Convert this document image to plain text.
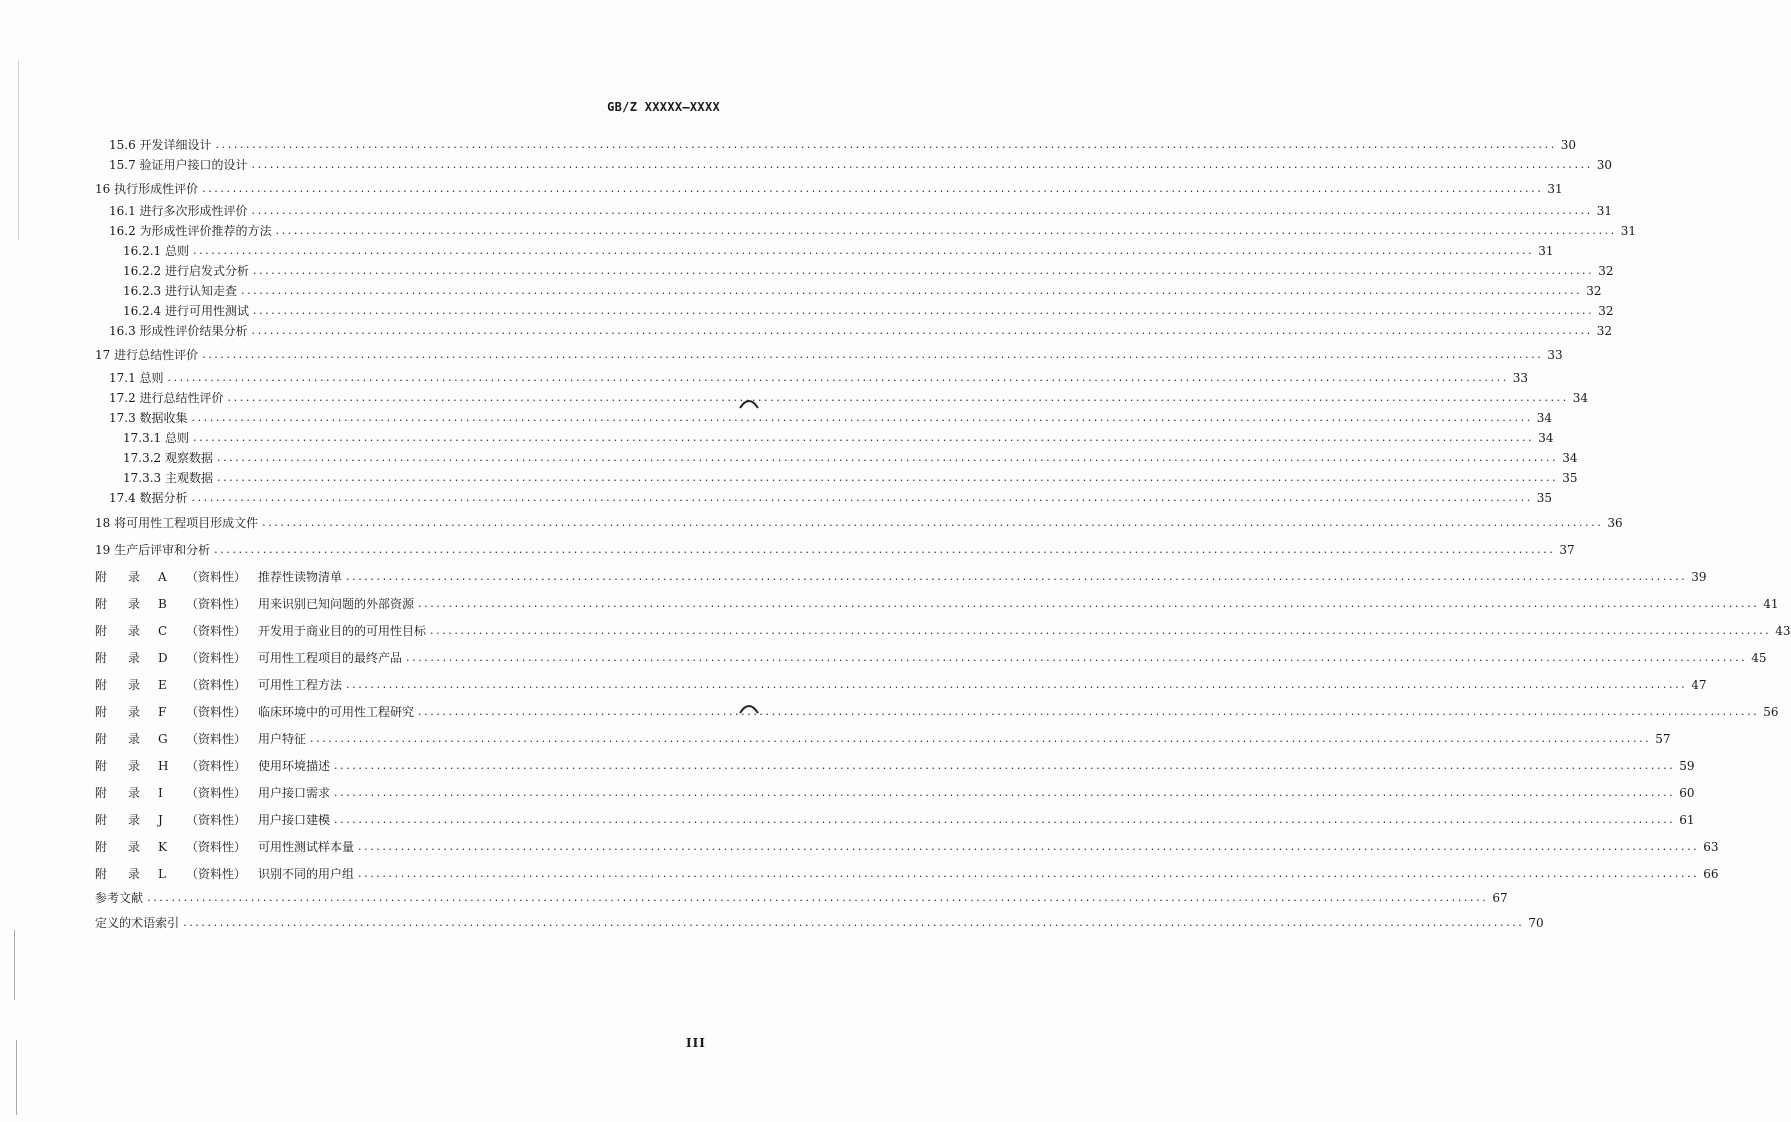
GB/Z XXXXX—XXXX
15.6 开发详细设计 ............................................................................................................................................................................................................................ 30
15.7 验证用户接口的设计 ............................................................................................................................................................................................................................ 30
16 执行形成性评价 ............................................................................................................................................................................................................................ 31
16.1 进行多次形成性评价 ............................................................................................................................................................................................................................ 31
16.2 为形成性评价推荐的方法 ............................................................................................................................................................................................................................ 31
16.2.1 总则 ............................................................................................................................................................................................................................ 31
16.2.2 进行启发式分析 ............................................................................................................................................................................................................................ 32
16.2.3 进行认知走查 ............................................................................................................................................................................................................................ 32
16.2.4 进行可用性测试 ............................................................................................................................................................................................................................ 32
16.3 形成性评价结果分析 ............................................................................................................................................................................................................................ 32
17 进行总结性评价 ............................................................................................................................................................................................................................ 33
17.1 总则 ............................................................................................................................................................................................................................ 33
17.2 进行总结性评价 ............................................................................................................................................................................................................................ 34
17.3 数据收集 ............................................................................................................................................................................................................................ 34
17.3.1 总则 ............................................................................................................................................................................................................................ 34
17.3.2 观察数据 ............................................................................................................................................................................................................................ 34
17.3.3 主观数据 ............................................................................................................................................................................................................................ 35
17.4 数据分析 ............................................................................................................................................................................................................................ 35
18 将可用性工程项目形成文件 ............................................................................................................................................................................................................................ 36
19 生产后评审和分析 ............................................................................................................................................................................................................................ 37
附	录	A	（资料性） 推荐性读物清单 ............................................................................................................................................................................................................................ 39
附	录	B	（资料性） 用来识别已知问题的外部资源 ............................................................................................................................................................................................................................ 41
附	录	C	（资料性） 开发用于商业目的的可用性目标 ............................................................................................................................................................................................................................ 43
附	录	D	（资料性） 可用性工程项目的最终产品 ............................................................................................................................................................................................................................ 45
附	录	E	（资料性） 可用性工程方法 ............................................................................................................................................................................................................................ 47
附	录	F	（资料性） 临床环境中的可用性工程研究 ............................................................................................................................................................................................................................ 56
附	录	G	（资料性） 用户特征 ............................................................................................................................................................................................................................ 57
附	录	H	（资料性） 使用环境描述 ............................................................................................................................................................................................................................ 59
附	录	I	（资料性） 用户接口需求 ............................................................................................................................................................................................................................ 60
附	录	J	（资料性） 用户接口建模 ............................................................................................................................................................................................................................ 61
附	录	K	（资料性） 可用性测试样本量 ............................................................................................................................................................................................................................ 63
附	录	L	（资料性） 识别不同的用户组 ............................................................................................................................................................................................................................ 66
参 考 文 献 ............................................................................................................................................................................................................................ 67
定 义 的 术 语 索 引 ............................................................................................................................................................................................................................ 70
III
